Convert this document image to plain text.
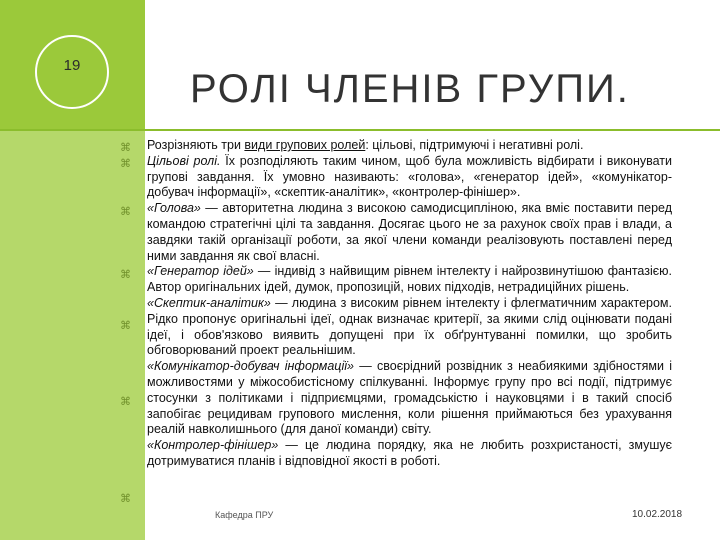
19
РОЛІ ЧЛЕНІВ ГРУПИ.
⌘
⌘
⌘
⌘
⌘
⌘
⌘

Розрізняють три види групових ролей: цільові, підтримуючі і негативні ролі.

Цільові ролі. Їх розподіляють таким чином, щоб була можливість відбирати і виконувати групові завдання. Їх умовно називають: «голова», «генератор ідей», «комунікатор-добувач інформації», «скептик-аналітик», «контролер-фінішер».

«Голова» — авторитетна людина з високою самодисципліною, яка вміє поставити перед командою стратегічні цілі та завдання. Досягає цього не за рахунок своїх прав і влади, а завдяки такій організації роботи, за якої члени команди реалізовують поставлені перед ними завдання як свої власні.

«Генератор ідей» — індивід з найвищим рівнем інтелекту і найрозвинутішою фантазією. Автор оригінальних ідей, думок, пропозицій, нових підходів, нетрадиційних рішень.

«Скептик-аналітик» — людина з високим рівнем інтелекту і флегматичним характером. Рідко пропонує оригінальні ідеї, однак визначає критерії, за якими слід оцінювати подані ідеї, і обов'язково виявить допущені при їх обґрунтуванні помилки, що зробить обговорюваний проект реальнішим.

«Комунікатор-добувач інформації» — своєрідний розвідник з неабиякими здібностями і можливостями у міжособистісному спілкуванні. Інформує групу про всі події, підтримує стосунки з політиками і підприємцями, громадськістю і науковцями і в такий спосіб запобігає рецидивам групового мислення, коли рішення приймаються без урахування реалій навколишнього (для даної команди) світу.

«Контролер-фінішер» — це людина порядку, яка не любить розхристаності, змушує дотримуватися планів і відповідної якості в роботі.

Кафедра ПРУ	10.02.2018
